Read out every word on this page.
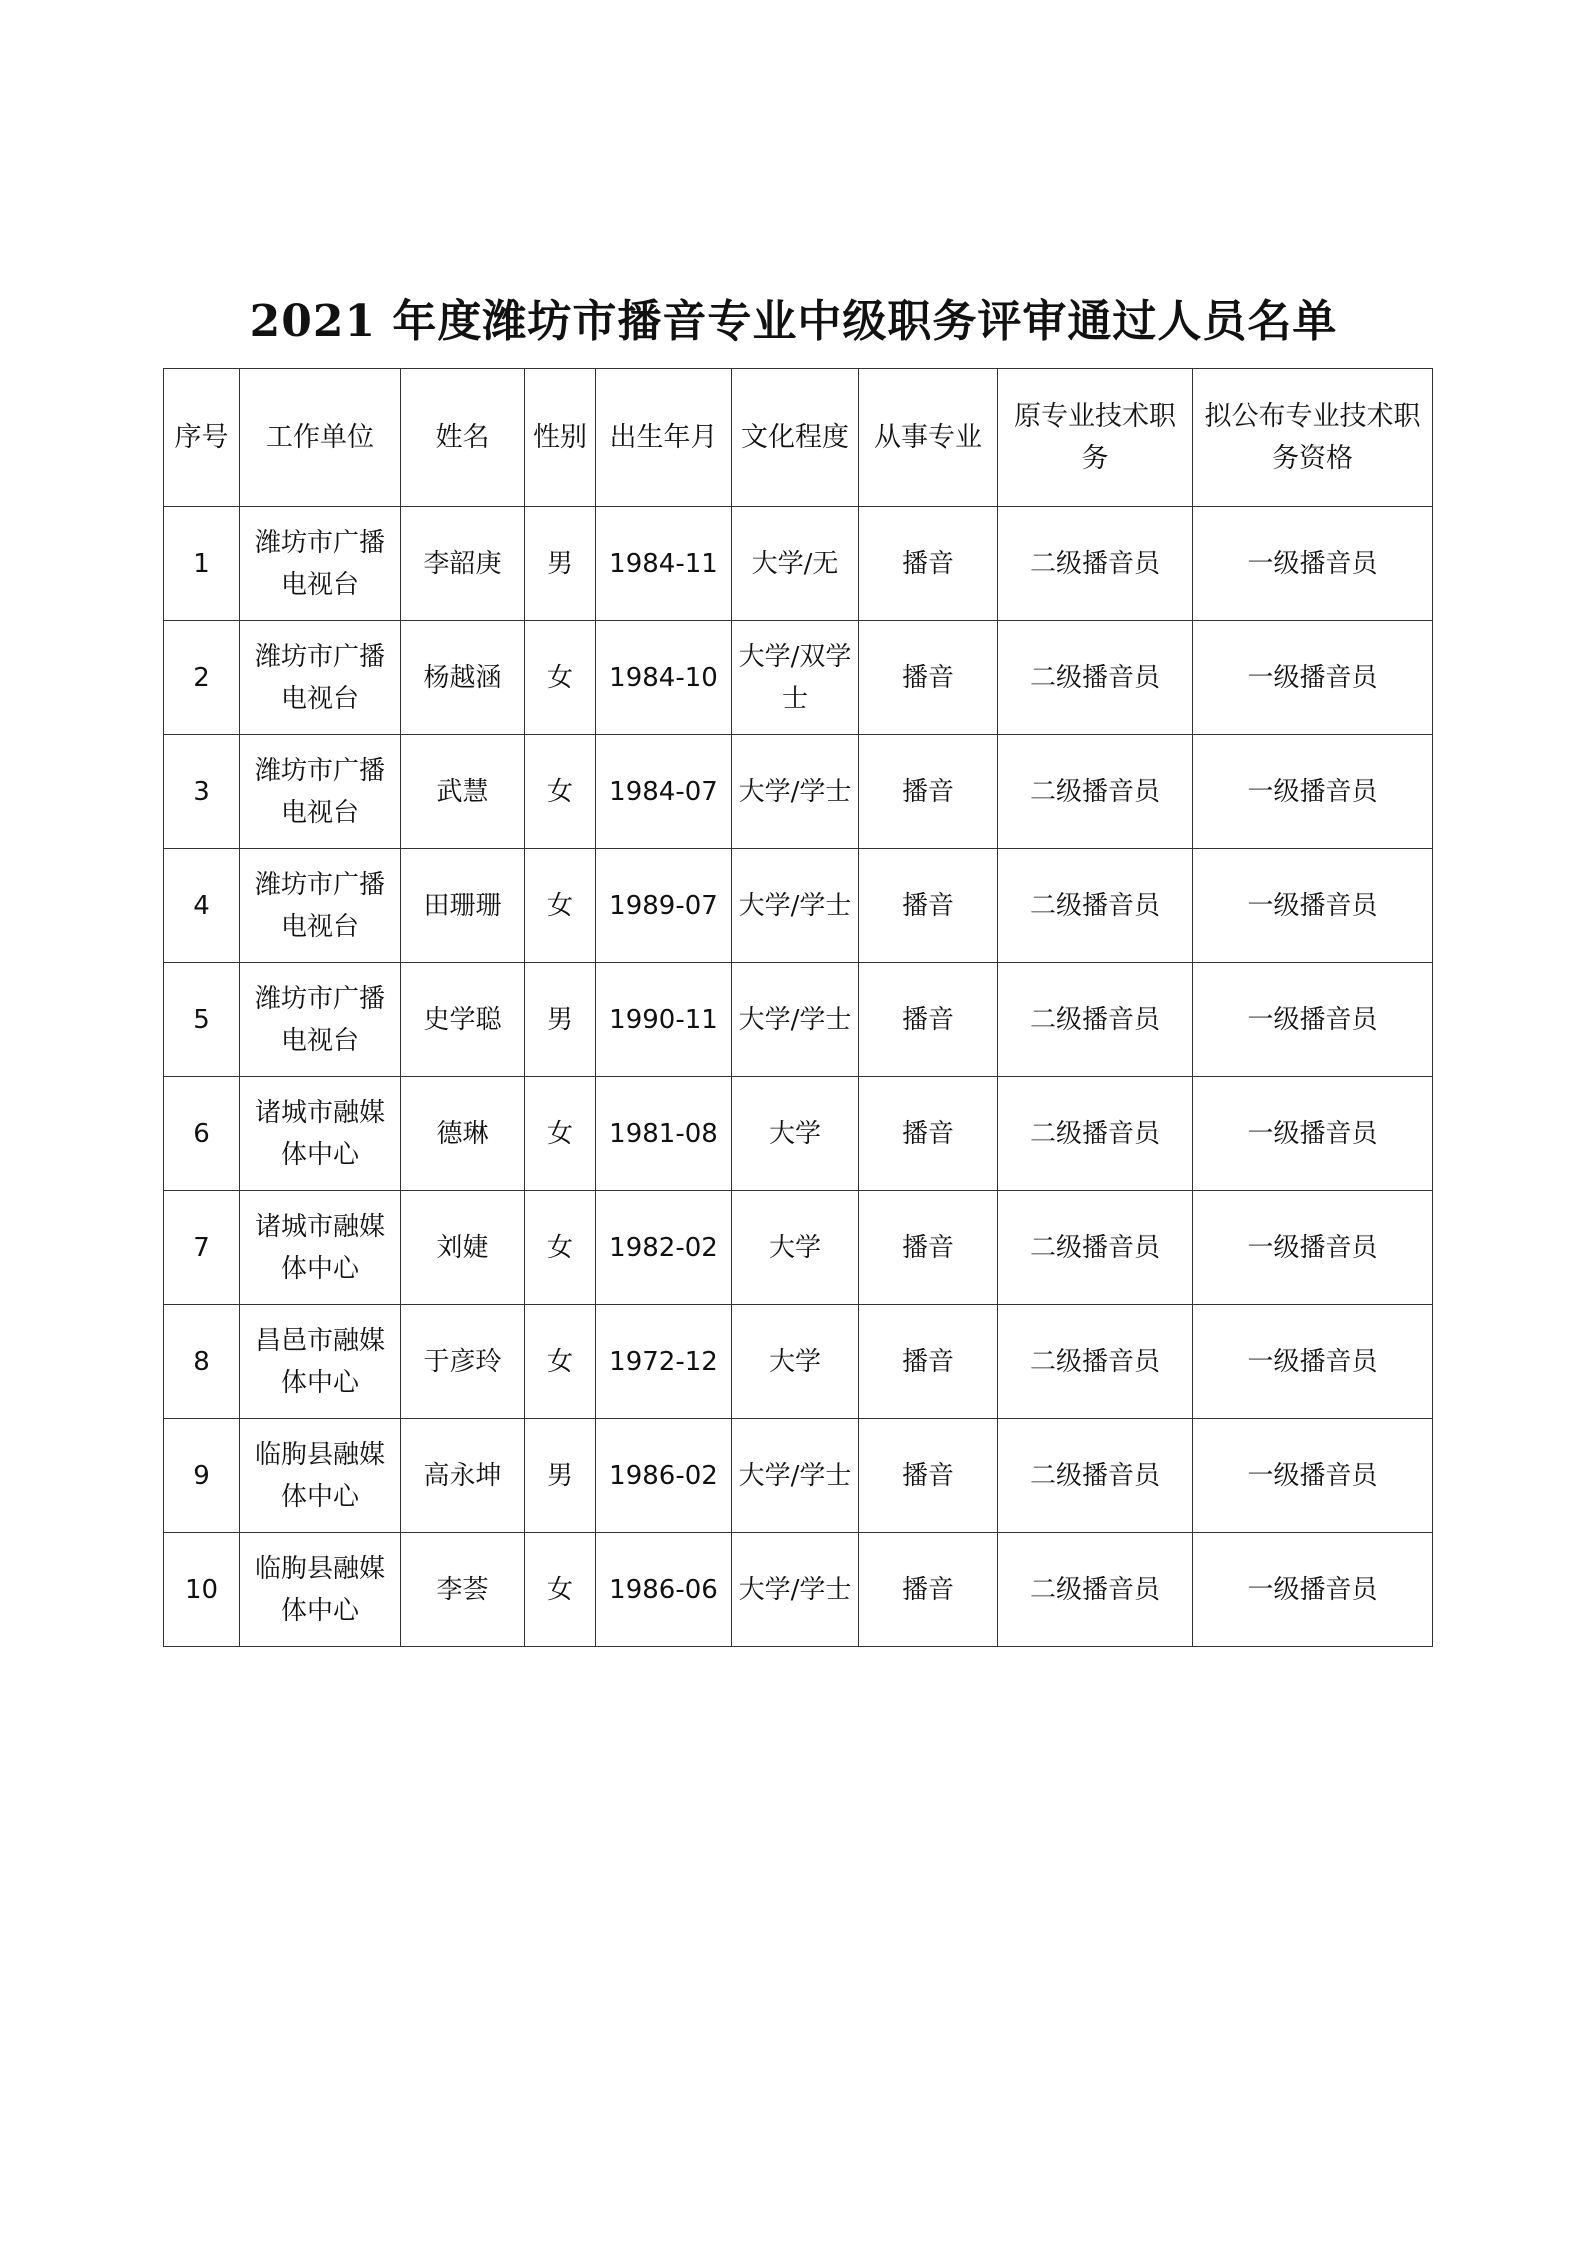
2021 年度潍坊市播音专业中级职务评审通过人员名单
序号	工作单位	姓名	性别	出生年月	文化程度	从事专业	原专业技术职务	拟公布专业技术职务资格
1	潍坊市广播电视台	李韶庚	男	1984-11	大学/无	播音	二级播音员	一级播音员
2	潍坊市广播电视台	杨越涵	女	1984-10	大学/双学士	播音	二级播音员	一级播音员
3	潍坊市广播电视台	武慧	女	1984-07	大学/学士	播音	二级播音员	一级播音员
4	潍坊市广播电视台	田珊珊	女	1989-07	大学/学士	播音	二级播音员	一级播音员
5	潍坊市广播电视台	史学聪	男	1990-11	大学/学士	播音	二级播音员	一级播音员
6	诸城市融媒体中心	德琳	女	1981-08	大学	播音	二级播音员	一级播音员
7	诸城市融媒体中心	刘婕	女	1982-02	大学	播音	二级播音员	一级播音员
8	昌邑市融媒体中心	于彦玲	女	1972-12	大学	播音	二级播音员	一级播音员
9	临朐县融媒体中心	高永坤	男	1986-02	大学/学士	播音	二级播音员	一级播音员
10	临朐县融媒体中心	李荟	女	1986-06	大学/学士	播音	二级播音员	一级播音员
